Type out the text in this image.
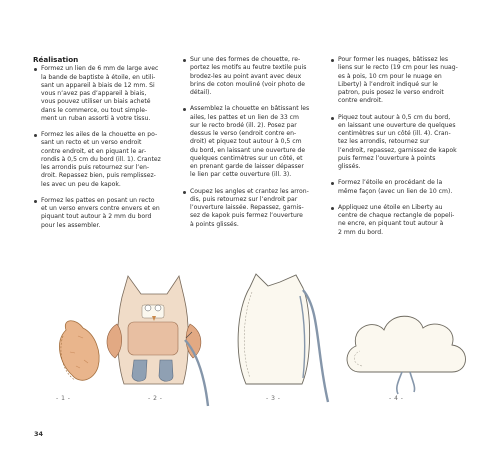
Réalisation

Formez un lien de 6 mm de large avec
la bande de baptiste à étoile, en utili-
sant un appareil à biais de 12 mm. Si
vous n’avez pas d’appareil à biais,
vous pouvez utiliser un biais acheté
dans le commerce, ou tout simple-
ment un ruban assorti à votre tissu.

Formez les ailes de la chouette en po-
sant un recto et un verso endroit
contre endroit, et en piquant le ar-
rondis à 0,5 cm du bord (ill. 1). Crantez
les arrondis puis retournez sur l’en-
droit. Repassez bien, puis remplissez-
les avec un peu de kapok.

Formez les pattes en posant un recto
et un verso envers contre envers et en
piquant tout autour à 2 mm du bord
pour les assembler.

Sur une des formes de chouette, re-
portez les motifs au feutre textile puis
brodez-les au point avant avec deux
brins de coton mouliné (voir photo de
détail).

Assemblez la chouette en bâtissant les
ailes, les pattes et un lien de 33 cm
sur le recto brodé (ill. 2). Posez par
dessus le verso (endroit contre en-
droit) et piquez tout autour à 0,5 cm
du bord, en laissant une ouverture de
quelques centimètres sur un côté, et
en prenant garde de laisser dépasser
le lien par cette ouverture (ill. 3).

Coupez les angles et crantez les arron-
dis, puis retournez sur l’endroit par
l’ouverture laissée. Repassez, garnis-
sez de kapok puis fermez l’ouverture
à points glissés.

Pour former les nuages, bâtissez les
liens sur le recto (19 cm pour les nuag-
es à pois, 10 cm pour le nuage en
Liberty) à l’endroit indiqué sur le
patron, puis posez le verso endroit
contre endroit.

Piquez tout autour à 0,5 cm du bord,
en laissant une ouverture de quelques
centimètres sur un côté (ill. 4). Cran-
tez les arrondis, retournez sur
l’endroit, repassez, garnissez de kapok
puis fermez l’ouverture à points
glissés.

Formez l’étoile en procédant de la
même façon (avec un lien de 10 cm).

Appliquez une étoile en Liberty au
centre de chaque rectangle de popeli-
ne encre, en piquant tout autour à
2 mm du bord.

- 1 -	- 2 -	- 3 -	- 4 -
34
